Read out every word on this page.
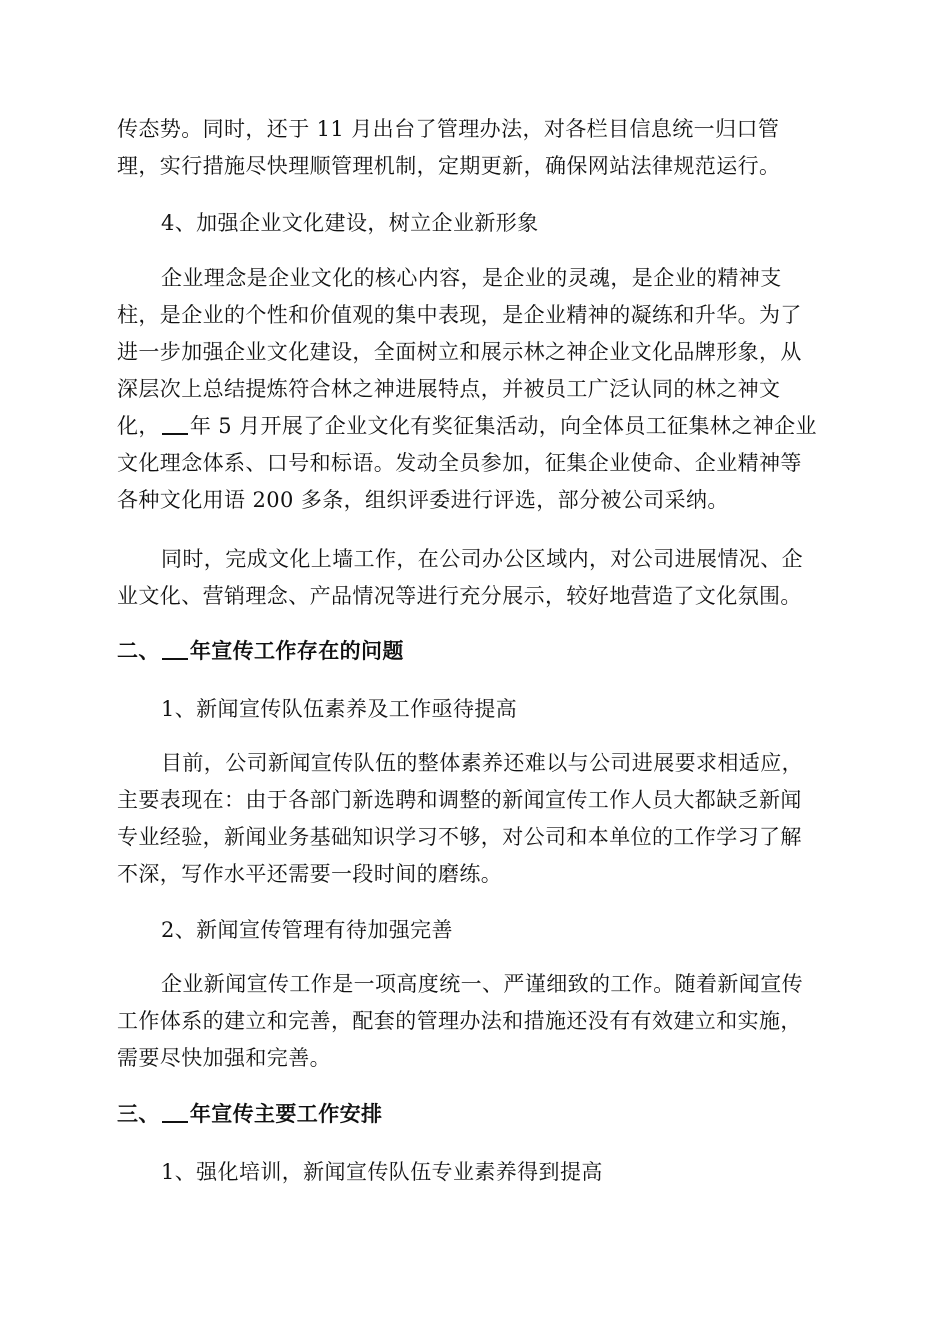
传态势。同时，还于 11 月出台了管理办法，对各栏目信息统一归口管
理，实行措施尽快理顺管理机制，定期更新，确保网站法律规范运行。
4、加强企业文化建设，树立企业新形象
企业理念是企业文化的核心内容，是企业的灵魂，是企业的精神支
柱，是企业的个性和价值观的集中表现，是企业精神的凝练和升华。为了
进一步加强企业文化建设，全面树立和展示林之神企业文化品牌形象，从
深层次上总结提炼符合林之神进展特点，并被员工广泛认同的林之神文
化， 年 5 月开展了企业文化有奖征集活动，向全体员工征集林之神企业
文化理念体系、口号和标语。发动全员参加，征集企业使命、企业精神等
各种文化用语 200 多条，组织评委进行评选，部分被公司采纳。
同时，完成文化上墙工作，在公司办公区域内，对公司进展情况、企
业文化、营销理念、产品情况等进行充分展示，较好地营造了文化氛围。
二、 年宣传工作存在的问题
1、新闻宣传队伍素养及工作亟待提高
目前，公司新闻宣传队伍的整体素养还难以与公司进展要求相适应，
主要表现在：由于各部门新选聘和调整的新闻宣传工作人员大都缺乏新闻
专业经验，新闻业务基础知识学习不够，对公司和本单位的工作学习了解
不深，写作水平还需要一段时间的磨练。
2、新闻宣传管理有待加强完善
企业新闻宣传工作是一项高度统一、严谨细致的工作。随着新闻宣传
工作体系的建立和完善，配套的管理办法和措施还没有有效建立和实施，
需要尽快加强和完善。
三、 年宣传主要工作安排
1、强化培训，新闻宣传队伍专业素养得到提高
